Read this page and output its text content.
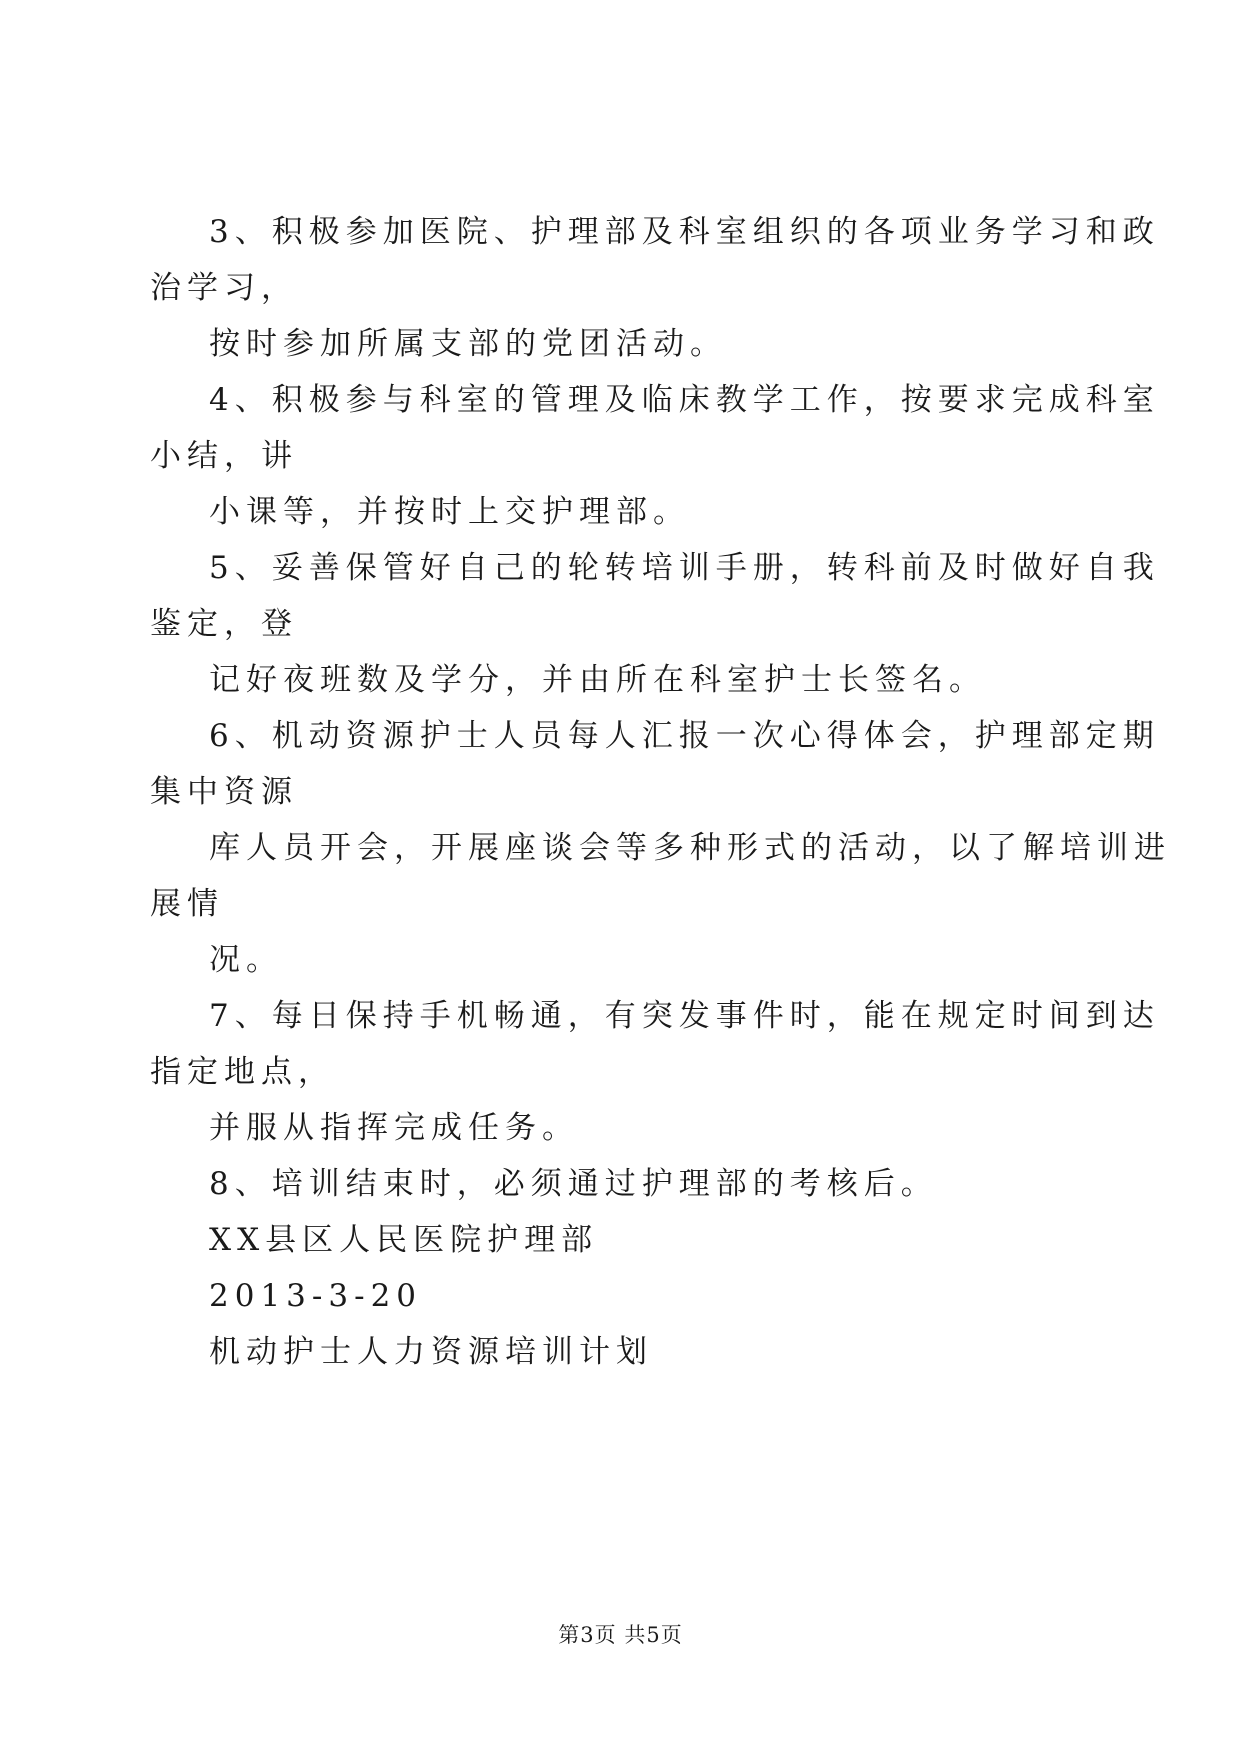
3、积极参加医院、护理部及科室组织的各项业务学习和政
治学习，
按时参加所属支部的党团活动。
4、积极参与科室的管理及临床教学工作，按要求完成科室
小结，讲
小课等，并按时上交护理部。
5、妥善保管好自己的轮转培训手册，转科前及时做好自我
鉴定，登
记好夜班数及学分，并由所在科室护士长签名。
6、机动资源护士人员每人汇报一次心得体会，护理部定期
集中资源
库人员开会，开展座谈会等多种形式的活动，以了解培训进
展情
况。
7、每日保持手机畅通，有突发事件时，能在规定时间到达
指定地点，
并服从指挥完成任务。
8、培训结束时，必须通过护理部的考核后。
XX县区人民医院护理部
2013-3-20
机动护士人力资源培训计划
第3页 共5页
